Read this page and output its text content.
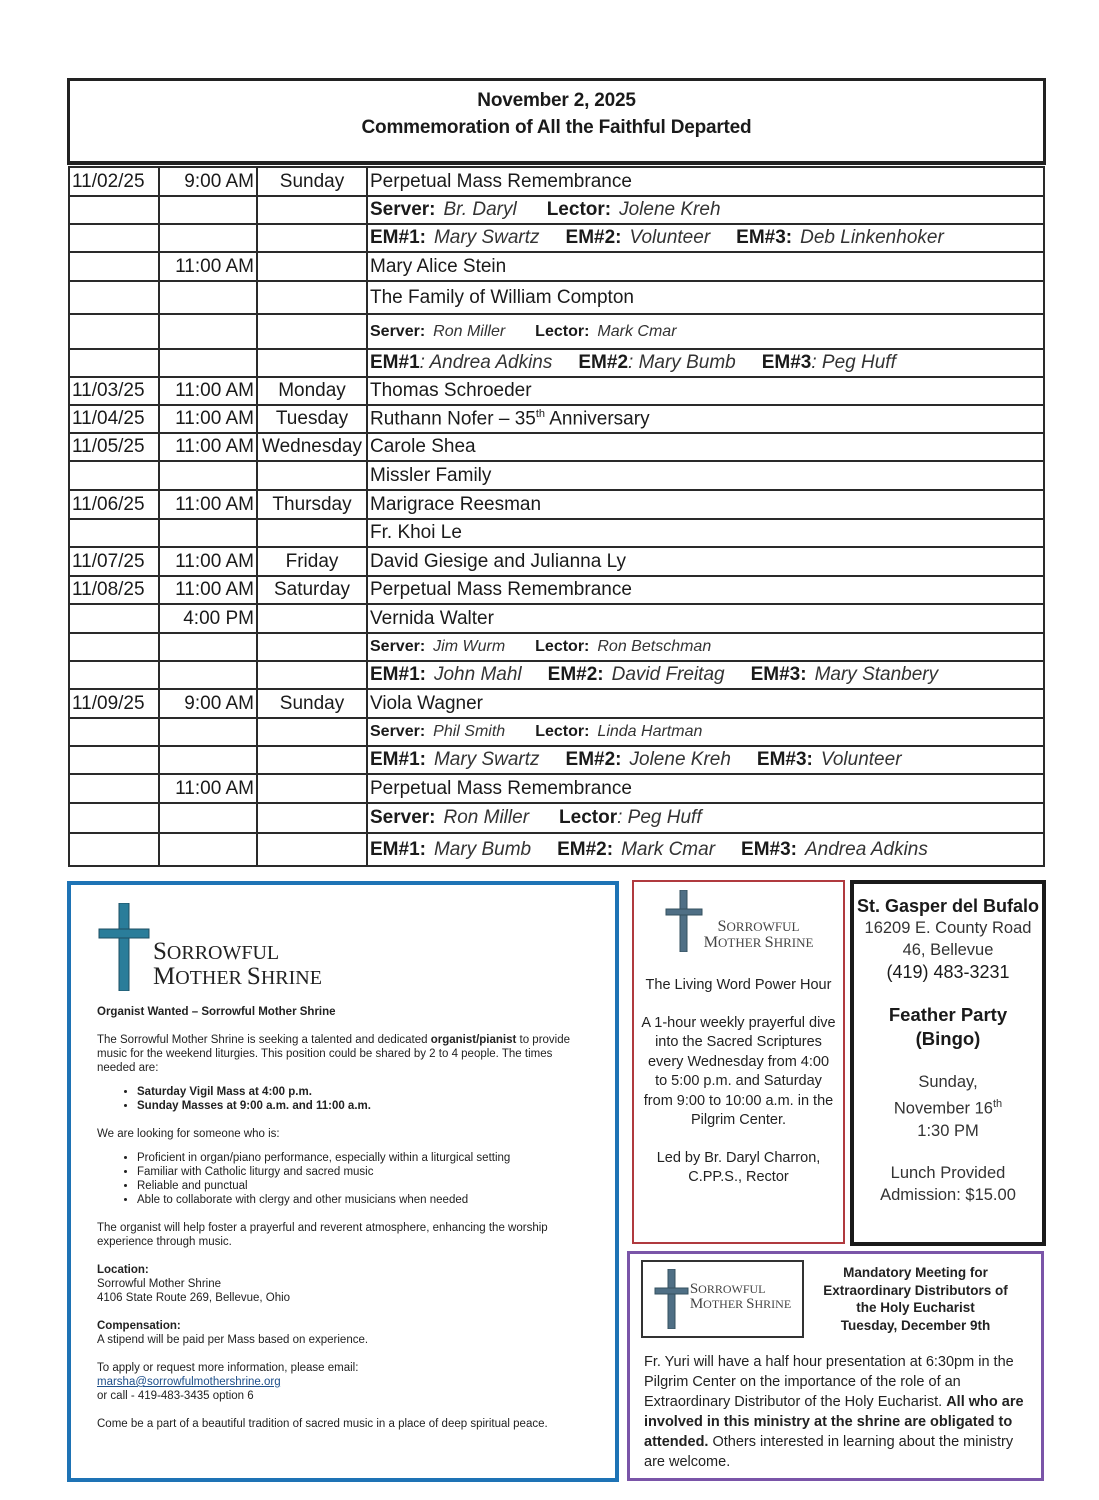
November 2, 2025
Commemoration of All the Faithful Departed
11/02/25	9:00 AM	Sunday	Perpetual Mass Remembrance
			Server: Br. Daryl Lector: Jolene Kreh
			EM#1: Mary Swartz EM#2: Volunteer EM#3: Deb Linkenhoker
	11:00 AM		Mary Alice Stein
			The Family of William Compton
			Server: Ron Miller Lector: Mark Cmar
			EM#1: Andrea Adkins EM#2: Mary Bumb EM#3: Peg Huff
11/03/25	11:00 AM	Monday	Thomas Schroeder
11/04/25	11:00 AM	Tuesday	Ruthann Nofer – 35th Anniversary
11/05/25	11:00 AM	Wednesday	Carole Shea
			Missler Family
11/06/25	11:00 AM	Thursday	Marigrace Reesman
			Fr. Khoi Le
11/07/25	11:00 AM	Friday	David Giesige and Julianna Ly
11/08/25	11:00 AM	Saturday	Perpetual Mass Remembrance
	4:00 PM		Vernida Walter
			Server: Jim Wurm Lector: Ron Betschman
			EM#1: John Mahl EM#2: David Freitag EM#3: Mary Stanbery
11/09/25	9:00 AM	Sunday	Viola Wagner
			Server: Phil Smith Lector: Linda Hartman
			EM#1: Mary Swartz EM#2: Jolene Kreh EM#3: Volunteer
	11:00 AM		Perpetual Mass Remembrance
			Server: Ron Miller Lector: Peg Huff
			EM#1: Mary Bumb EM#2: Mark Cmar EM#3: Andrea Adkins
SORROWFUL
MOTHER SHRINE
Organist Wanted – Sorrowful Mother Shrine
The Sorrowful Mother Shrine is seeking a talented and dedicated organist/pianist to provide music for the weekend liturgies. This position could be shared by 2 to 4 people. The times needed are:
• Saturday Vigil Mass at 4:00 p.m.
• Sunday Masses at 9:00 a.m. and 11:00 a.m.
We are looking for someone who is:
• Proficient in organ/piano performance, especially within a liturgical setting
• Familiar with Catholic liturgy and sacred music
• Reliable and punctual
• Able to collaborate with clergy and other musicians when needed
The organist will help foster a prayerful and reverent atmosphere, enhancing the worship experience through music.
Location:
Sorrowful Mother Shrine
4106 State Route 269, Bellevue, Ohio
Compensation:
A stipend will be paid per Mass based on experience.
To apply or request more information, please email:
marsha@sorrowfulmothershrine.org
or call - 419-483-3435 option 6
Come be a part of a beautiful tradition of sacred music in a place of deep spiritual peace.
SORROWFUL
MOTHER SHRINE
The Living Word Power Hour
A 1-hour weekly prayerful dive into the Sacred Scriptures every Wednesday from 4:00 to 5:00 p.m. and Saturday from 9:00 to 10:00 a.m. in the Pilgrim Center.
Led by Br. Daryl Charron, C.PP.S., Rector
St. Gasper del Bufalo
16209 E. County Road 46, Bellevue
(419) 483-3231
Feather Party (Bingo)
Sunday,
November 16th
1:30 PM
Lunch Provided
Admission: $15.00
SORROWFUL
MOTHER SHRINE
Mandatory Meeting for
Extraordinary Distributors of
the Holy Eucharist
Tuesday, December 9th
Fr. Yuri will have a half hour presentation at 6:30pm in the Pilgrim Center on the importance of the role of an Extraordinary Distributor of the Holy Eucharist. All who are involved in this ministry at the shrine are obligated to attended. Others interested in learning about the ministry are welcome.
